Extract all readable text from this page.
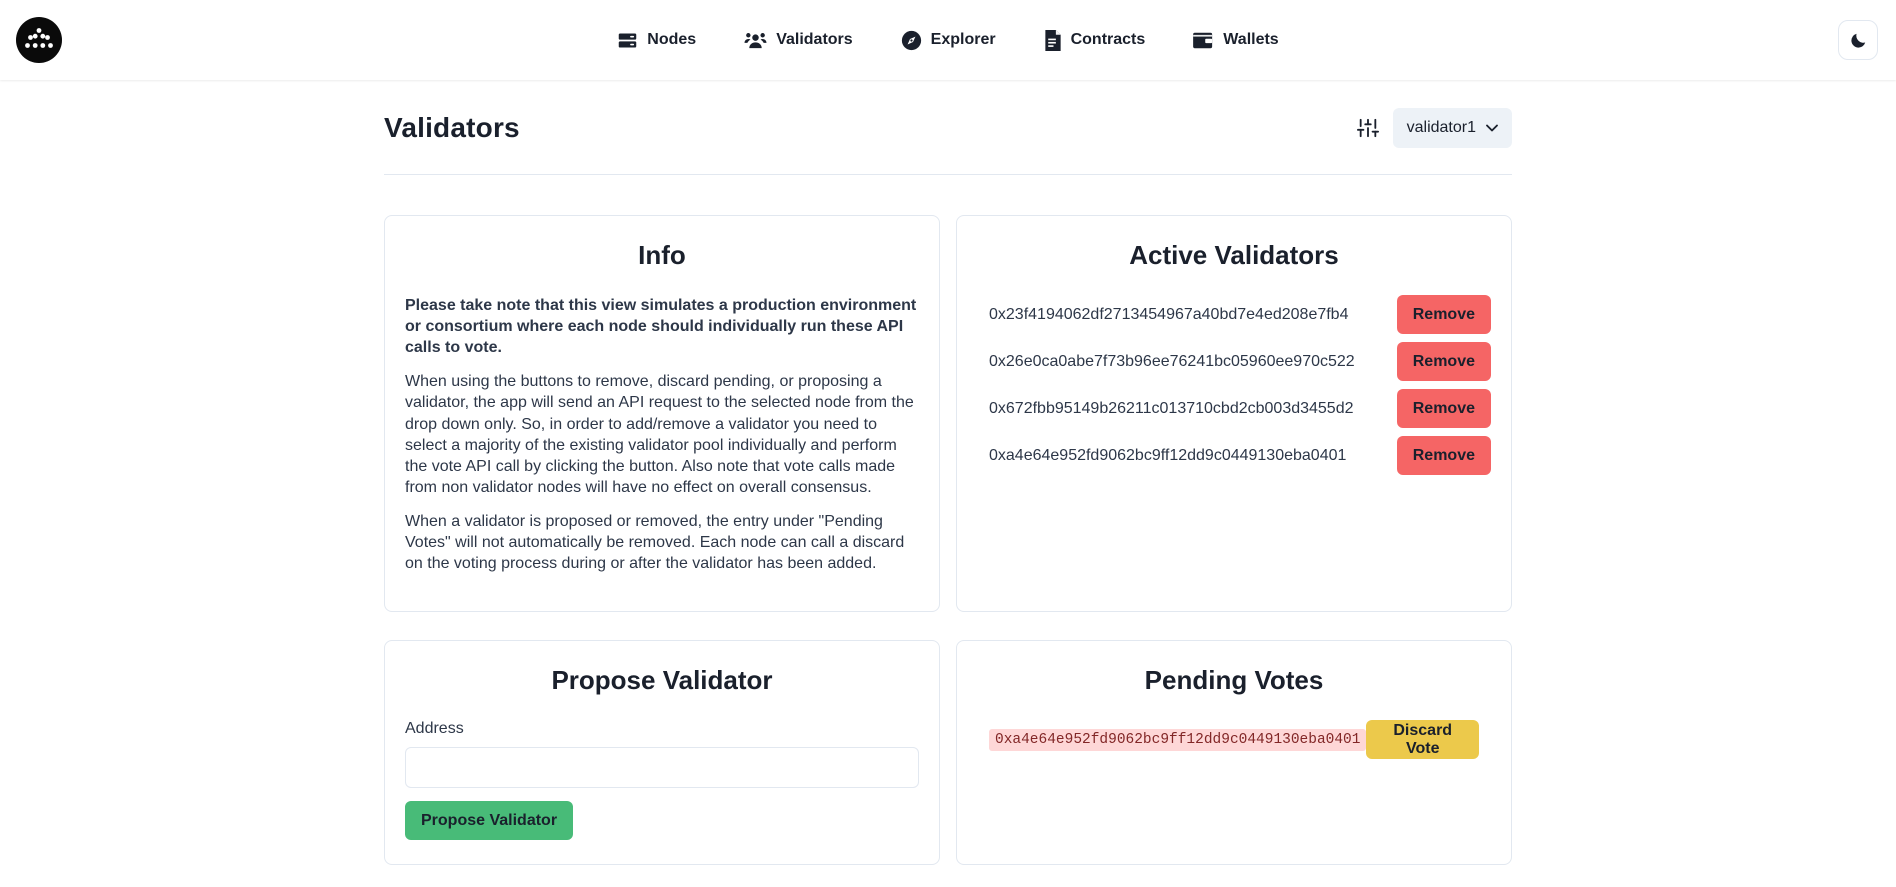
Nodes	Validators	Explorer	Contracts	Wallets
Validators	validator1
Info

Please take note that this view simulates a production environment or consortium where each node should individually run these API calls to vote.

When using the buttons to remove, discard pending, or proposing a validator, the app will send an API request to the selected node from the drop down only. So, in order to add/remove a validator you need to select a majority of the existing validator pool individually and perform the vote API call by clicking the button. Also note that vote calls made from non validator nodes will have no effect on overall consensus.

When a validator is proposed or removed, the entry under "Pending Votes" will not automatically be removed. Each node can call a discard on the voting process during or after the validator has been added.

Active Validators
0x23f4194062df2713454967a40bd7e4ed208e7fb4	Remove
0x26e0ca0abe7f73b96ee76241bc05960ee970c522	Remove
0x672fbb95149b26211c013710cbd2cb003d3455d2	Remove
0xa4e64e952fd9062bc9ff12dd9c0449130eba0401	Remove
Propose Validator
Address
Propose Validator
Pending Votes
0xa4e64e952fd9062bc9ff12dd9c0449130eba0401
Discard Vote
